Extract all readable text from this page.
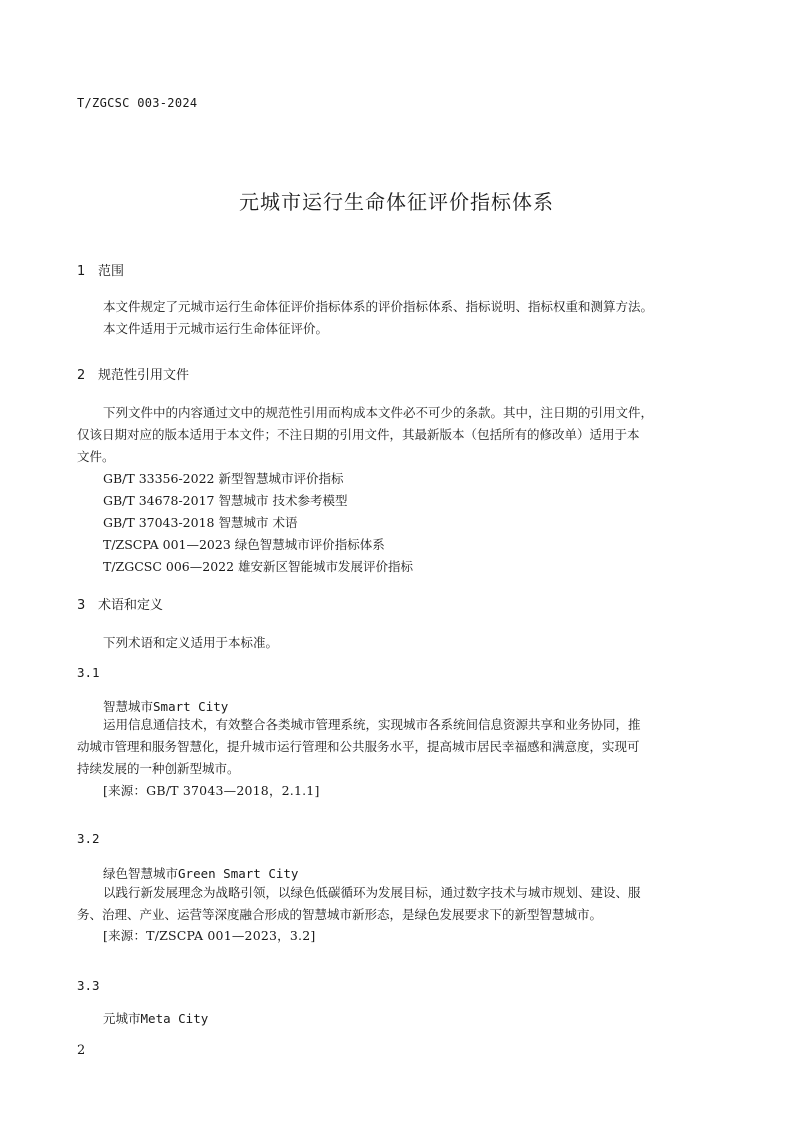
T/ZGCSC 003-2024
元城市运行生命体征评价指标体系
1 范围
本文件规定了元城市运行生命体征评价指标体系的评价指标体系、指标说明、指标权重和测算方法。
本文件适用于元城市运行生命体征评价。
2 规范性引用文件
下列文件中的内容通过文中的规范性引用而构成本文件必不可少的条款。其中，注日期的引用文件，
仅该日期对应的版本适用于本文件；不注日期的引用文件，其最新版本（包括所有的修改单）适用于本
文件。
GB/T 33356-2022 新型智慧城市评价指标
GB/T 34678-2017 智慧城市 技术参考模型
GB/T 37043-2018 智慧城市 术语
T/ZSCPA 001—2023 绿色智慧城市评价指标体系
T/ZGCSC 006—2022 雄安新区智能城市发展评价指标
3 术语和定义
下列术语和定义适用于本标准。
3.1
智慧城市Smart City
运用信息通信技术，有效整合各类城市管理系统，实现城市各系统间信息资源共享和业务协同，推
动城市管理和服务智慧化，提升城市运行管理和公共服务水平，提高城市居民幸福感和满意度，实现可
持续发展的一种创新型城市。
[来源：GB/T 37043—2018，2.1.1]
3.2
绿色智慧城市Green Smart City
以践行新发展理念为战略引领，以绿色低碳循环为发展目标，通过数字技术与城市规划、建设、服
务、治理、产业、运营等深度融合形成的智慧城市新形态，是绿色发展要求下的新型智慧城市。
[来源：T/ZSCPA 001—2023，3.2]
3.3
元城市Meta City
2
